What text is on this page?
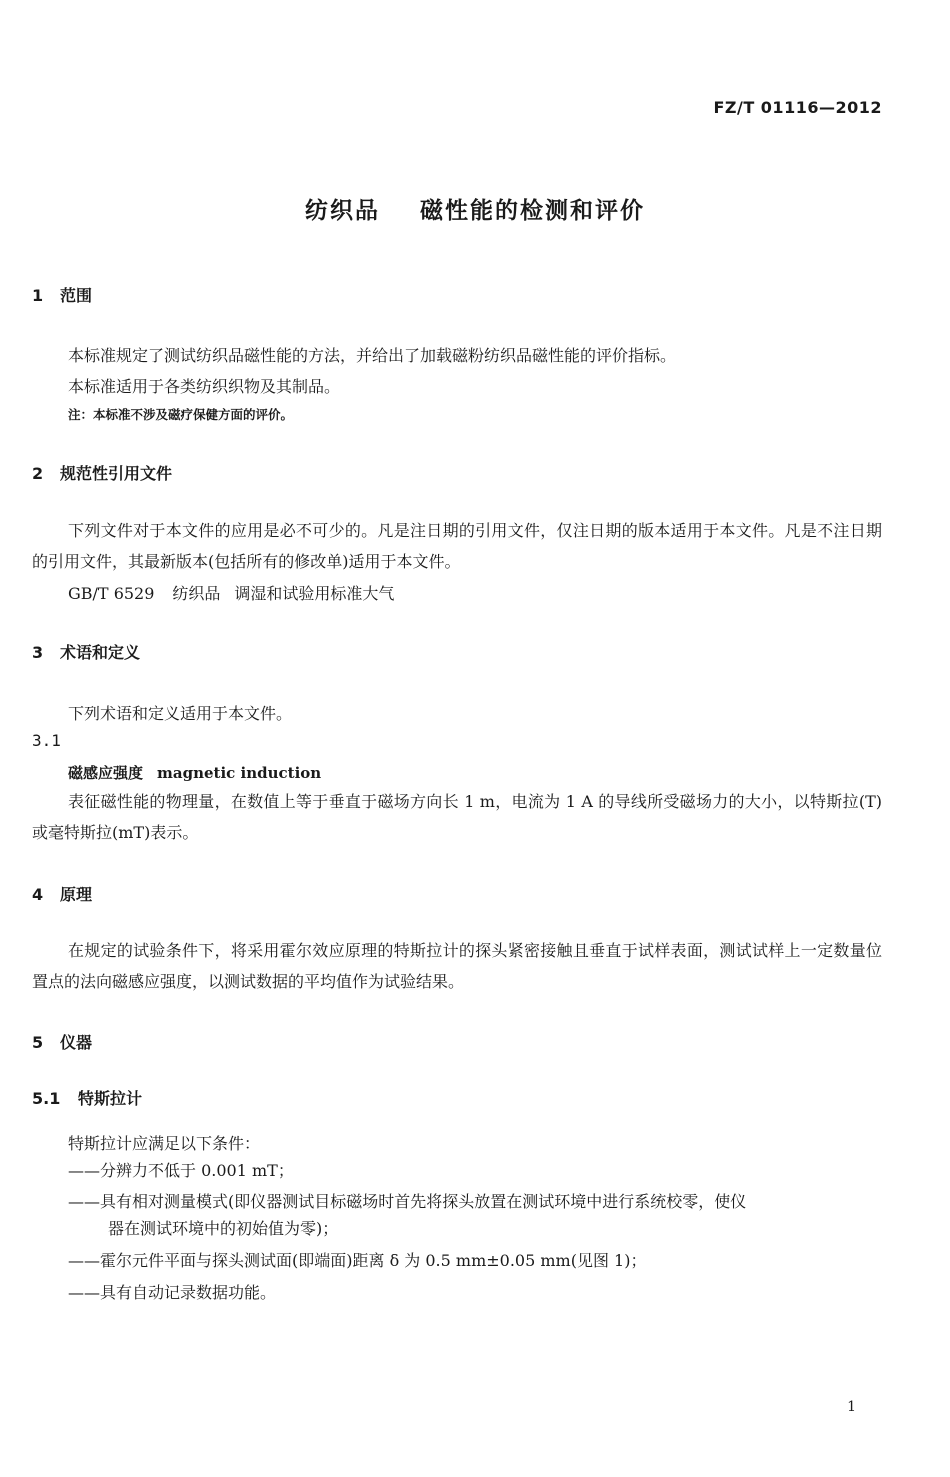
FZ/T 01116—2012
纺织品 磁性能的检测和评价
1 范围
本标准规定了测试纺织品磁性能的方法，并给出了加载磁粉纺织品磁性能的评价指标。
本标准适用于各类纺织织物及其制品。
注：本标准不涉及磁疗保健方面的评价。
2 规范性引用文件
下列文件对于本文件的应用是必不可少的。凡是注日期的引用文件，仅注日期的版本适用于本文件。凡是不注日期的引用文件，其最新版本(包括所有的修改单)适用于本文件。
GB/T 6529 纺织品 调湿和试验用标准大气
3 术语和定义
下列术语和定义适用于本文件。
3.1
磁感应强度 magnetic induction
表征磁性能的物理量，在数值上等于垂直于磁场方向长 1 m，电流为 1 A 的导线所受磁场力的大小，以特斯拉(T)或毫特斯拉(mT)表示。
4 原理
在规定的试验条件下，将采用霍尔效应原理的特斯拉计的探头紧密接触且垂直于试样表面，测试试样上一定数量位置点的法向磁感应强度，以测试数据的平均值作为试验结果。
5 仪器
5.1 特斯拉计
特斯拉计应满足以下条件：
——分辨力不低于 0.001 mT；
——具有相对测量模式(即仪器测试目标磁场时首先将探头放置在测试环境中进行系统校零，使仪
器在测试环境中的初始值为零)；
——霍尔元件平面与探头测试面(即端面)距离 δ 为 0.5 mm±0.05 mm(见图 1)；
——具有自动记录数据功能。
1
